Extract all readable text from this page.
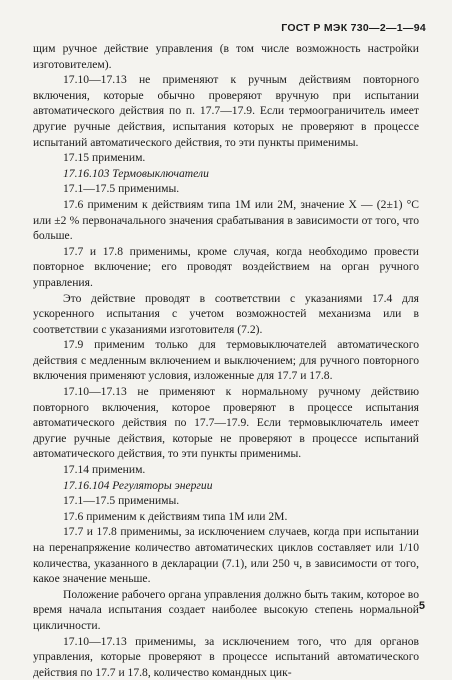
ГОСТ Р МЭК 730—2—1—94

щим ручное действие управления (в том числе возможность настройки изготовителем).

17.10—17.13 не применяют к ручным действиям повторного включения, которые обычно проверяют вручную при испытании автоматического действия по п. 17.7—17.9. Если термоограничитель имеет другие ручные действия, испытания которых не проверяют в процессе испытаний автоматического действия, то эти пункты применимы.

17.15 применим.

17.16.103 Термовыключатели

17.1—17.5 применимы.

17.6 применим к действиям типа 1М или 2М, значение X — (2±1) °С или ±2 % первоначального значения срабатывания в зависимости от того, что больше.

17.7 и 17.8 применимы, кроме случая, когда необходимо провести повторное включение; его проводят воздействием на орган ручного управления.

Это действие проводят в соответствии с указаниями 17.4 для ускоренного испытания с учетом возможностей механизма или в соответствии с указаниями изготовителя (7.2).

17.9 применим только для термовыключателей автоматического действия с медленным включением и выключением; для ручного повторного включения применяют условия, изложенные для 17.7 и 17.8.

17.10—17.13 не применяют к нормальному ручному действию повторного включения, которое проверяют в процессе испытания автоматического действия по 17.7—17.9. Если термовыключатель имеет другие ручные действия, которые не проверяют в процессе испытаний автоматического действия, то эти пункты применимы.

17.14 применим.

17.16.104 Регуляторы энергии

17.1—17.5 применимы.

17.6 применим к действиям типа 1М или 2М.

17.7 и 17.8 применимы, за исключением случаев, когда при испытании на перенапряжение количество автоматических циклов составляет или 1/10 количества, указанного в декларации (7.1), или 250 ч, в зависимости от того, какое значение меньше.

Положение рабочего органа управления должно быть таким, которое во время начала испытания создает наиболее высокую степень нормальной цикличности.

17.10—17.13 применимы, за исключением того, что для органов управления, которые проверяют в процессе испытаний автоматического действия по 17.7 и 17.8, количество командных цик-

5
